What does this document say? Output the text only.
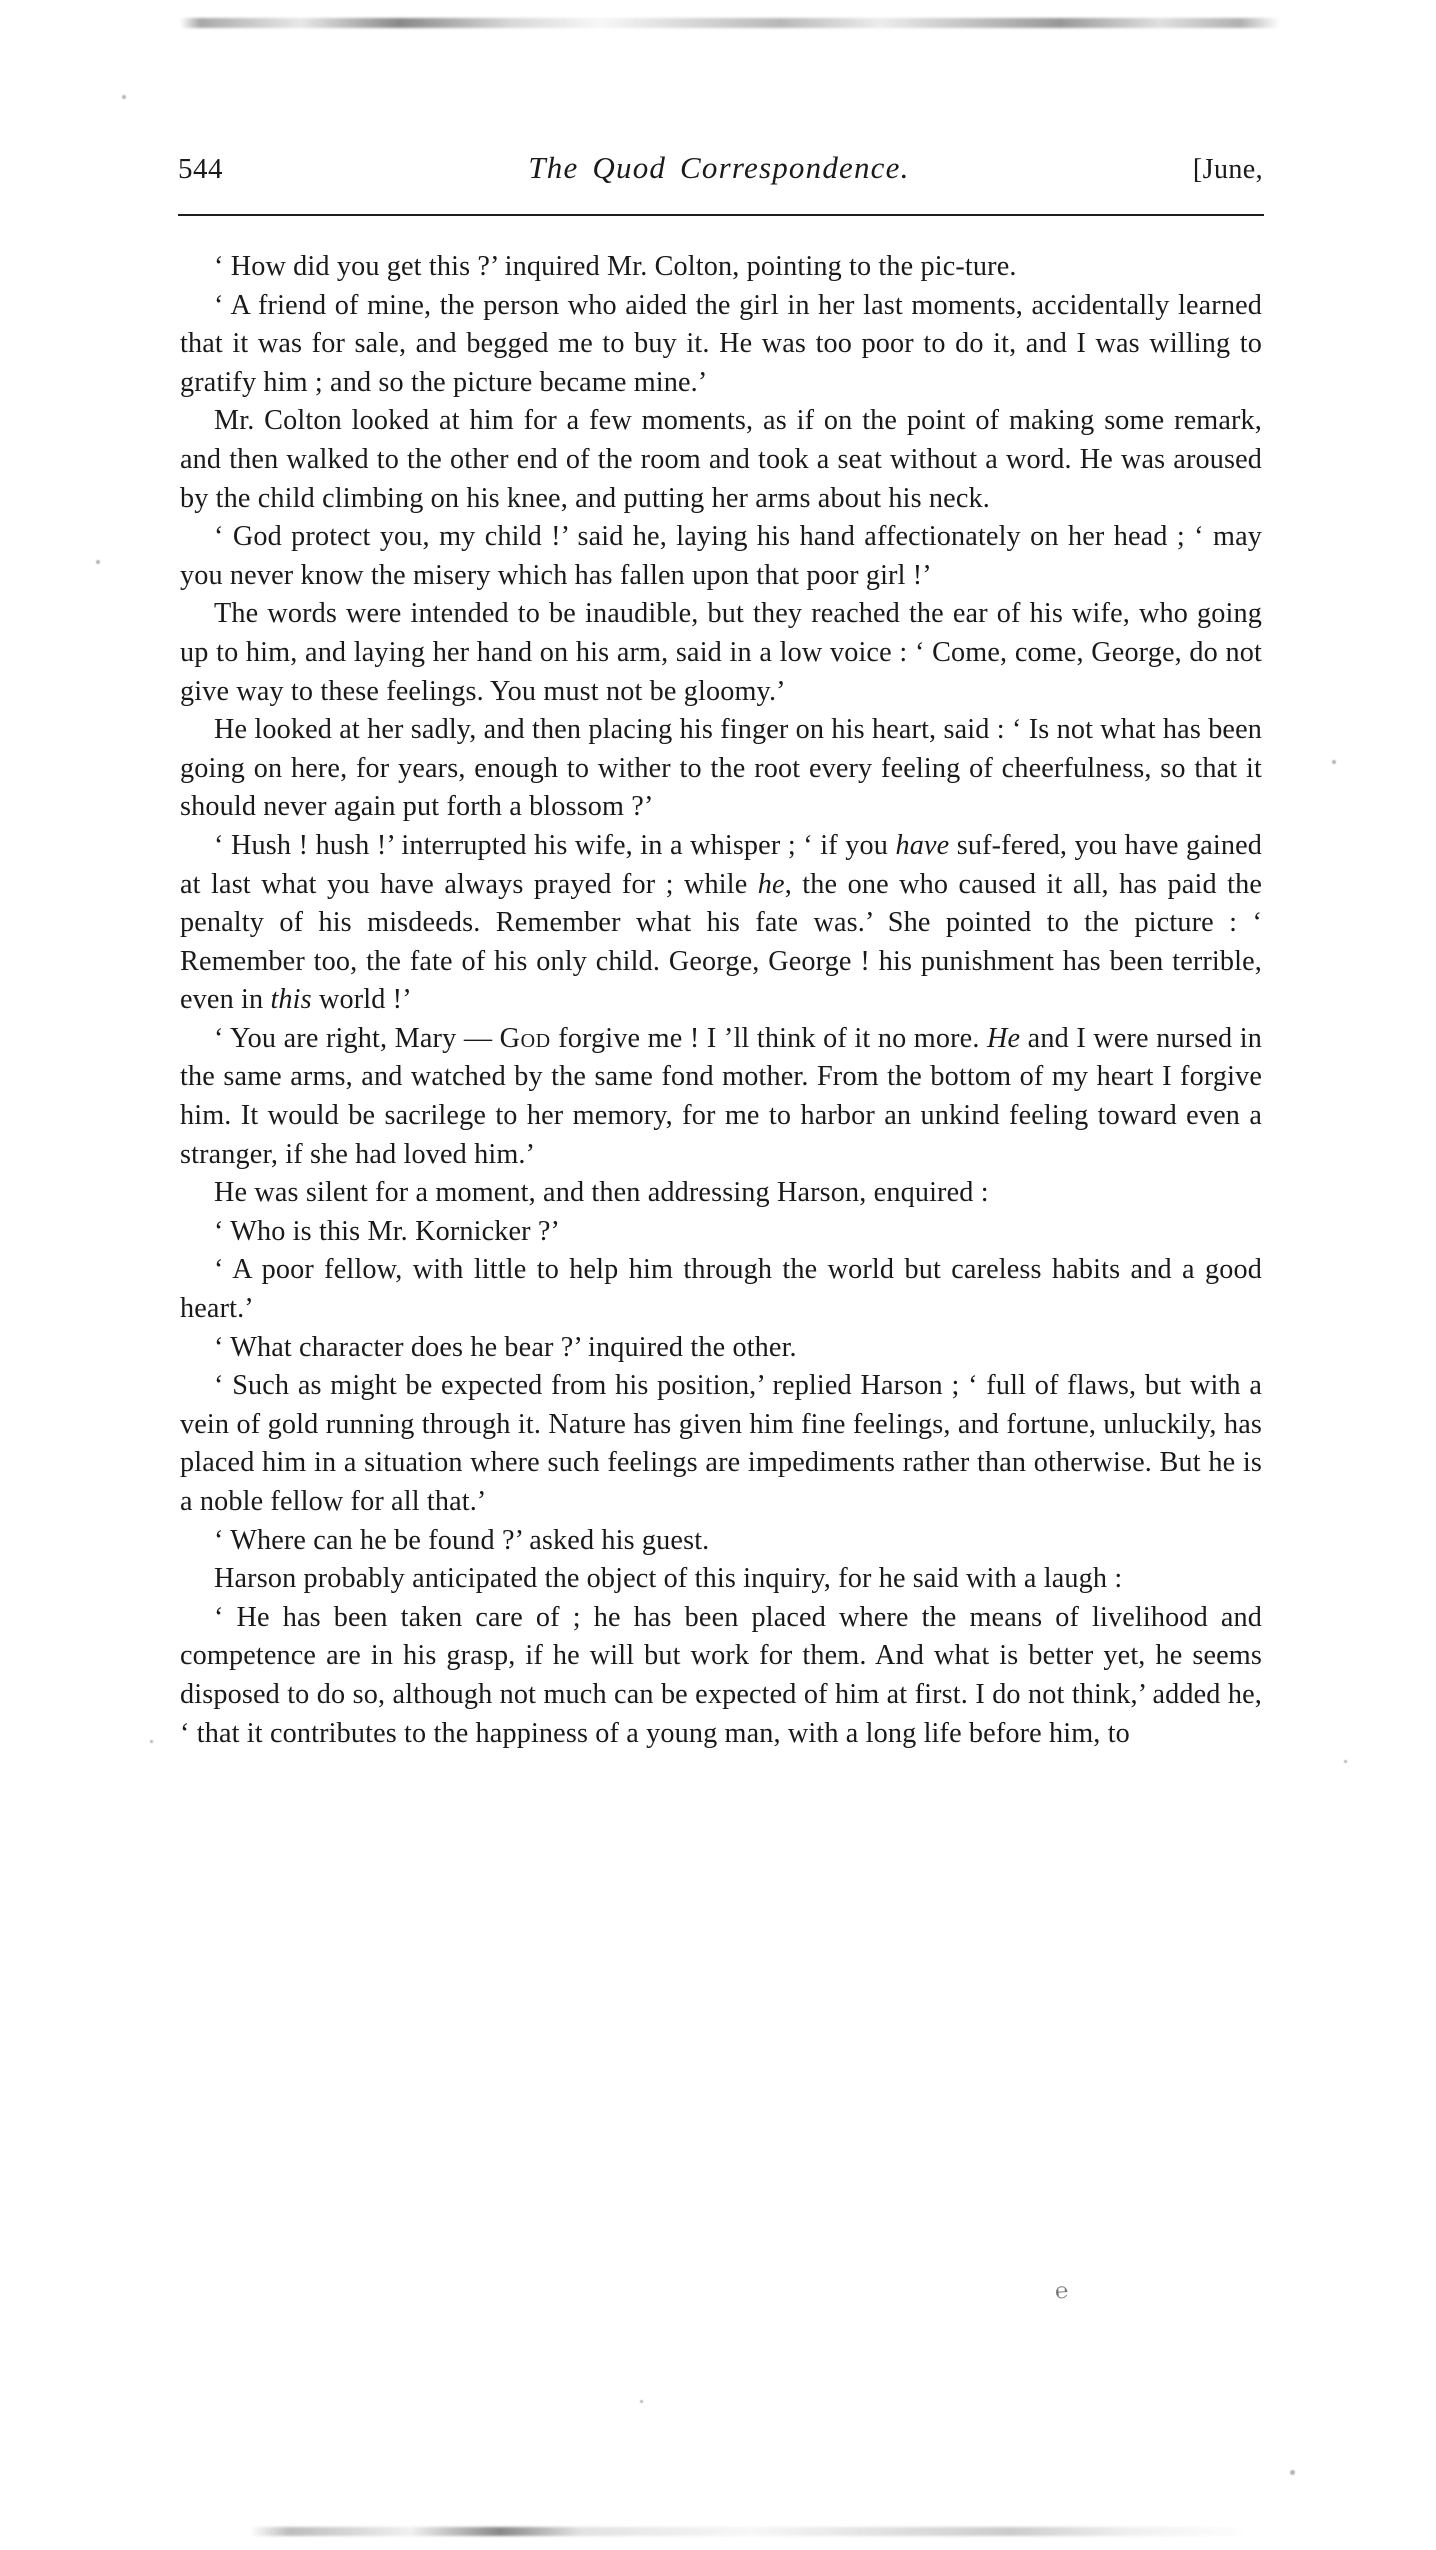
544	The Quod Correspondence.	[June,

‘ How did you get this ?’ inquired Mr. Colton, pointing to the pic-ture.

‘ A friend of mine, the person who aided the girl in her last moments, accidentally learned that it was for sale, and begged me to buy it. He was too poor to do it, and I was willing to gratify him ; and so the picture became mine.’

Mr. Colton looked at him for a few moments, as if on the point of making some remark, and then walked to the other end of the room and took a seat without a word. He was aroused by the child climbing on his knee, and putting her arms about his neck.

‘ God protect you, my child !’ said he, laying his hand affectionately on her head ; ‘ may you never know the misery which has fallen upon that poor girl !’

The words were intended to be inaudible, but they reached the ear of his wife, who going up to him, and laying her hand on his arm, said in a low voice : ‘ Come, come, George, do not give way to these feelings. You must not be gloomy.’

He looked at her sadly, and then placing his finger on his heart, said : ‘ Is not what has been going on here, for years, enough to wither to the root every feeling of cheerfulness, so that it should never again put forth a blossom ?’

‘ Hush ! hush !’ interrupted his wife, in a whisper ; ‘ if you have suf-fered, you have gained at last what you have always prayed for ; while he, the one who caused it all, has paid the penalty of his misdeeds. Remember what his fate was.’ She pointed to the picture : ‘ Remember too, the fate of his only child. George, George ! his punishment has been terrible, even in this world !’

‘ You are right, Mary — God forgive me ! I ’ll think of it no more. He and I were nursed in the same arms, and watched by the same fond mother. From the bottom of my heart I forgive him. It would be sacrilege to her memory, for me to harbor an unkind feeling toward even a stranger, if she had loved him.’

He was silent for a moment, and then addressing Harson, enquired :

‘ Who is this Mr. Kornicker ?’

‘ A poor fellow, with little to help him through the world but careless habits and a good heart.’

‘ What character does he bear ?’ inquired the other.

‘ Such as might be expected from his position,’ replied Harson ; ‘ full of flaws, but with a vein of gold running through it. Nature has given him fine feelings, and fortune, unluckily, has placed him in a situation where such feelings are impediments rather than otherwise. But he is a noble fellow for all that.’

‘ Where can he be found ?’ asked his guest.

Harson probably anticipated the object of this inquiry, for he said with a laugh :

‘ He has been taken care of ; he has been placed where the means of livelihood and competence are in his grasp, if he will but work for them. And what is better yet, he seems disposed to do so, although not much can be expected of him at first. I do not think,’ added he, ‘ that it contributes to the happiness of a young man, with a long life before him, to

℮
